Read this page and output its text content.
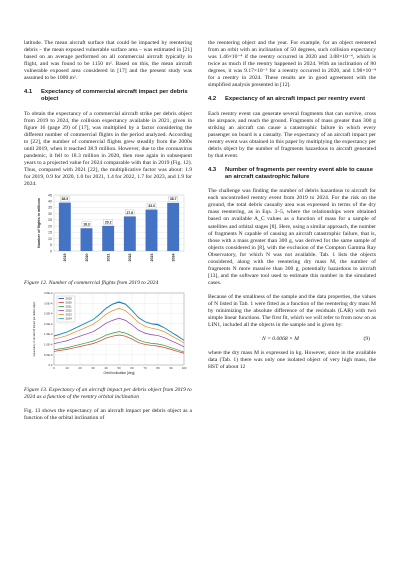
latitude. The mean aircraft surface that could be impacted by reentering debris – the mean exposed vulnerable surface area – was estimated in [21] based on an average performed on all commercial aircraft typically in flight, and was found to be 1150 m². Based on this, the mean aircraft vulnerable exposed area considered in [17] and the present study was assumed to be 1000 m².

4.1	Expectancy of commercial aircraft impact per debris object

To obtain the expectancy of a commercial aircraft strike per debris object from 2019 to 2024, the collision expectancy available in 2021, given in figure 16 (page 29) of [17], was multiplied by a factor considering the different number of commercial flights in the period analyzed. According to [22], the number of commercial flights grew steadily from the 2000s until 2019, when it reached 38.9 million. However, due to the coronavirus pandemic, it fell to 18.3 million in 2020, then rose again in subsequent years to a projected value for 2024 comparable with that in 2019 (Fig. 12). Thus, compared with 2021 [22], the multiplicative factor was about: 1.9 for 2019, 0.9 for 2020, 1.0 for 2021, 1.4 for 2022, 1.7 for 2023, and 1.9 for 2024.

0
5
10
15
20
25
30
35
40
45
Number of flights in millions	38.9
2019
18.3
2020
20.2
2021
27.8
2022
33.3
2023
38.7
2024

Figure 12. Number of commercial flights from 2019 to 2024

0.0
5.0E-5
1.0E-4
1.5E-4
2.0E-4
2.5E-4
3.0E-4
3.5E-4
0	10	20	30	40	50	60	70	80	90	100
Orbit inclination [deg]
Expectancy of an aircraft impact per debris object
2019
2020
2021
2022
2023
2024

Figure 13. Expectancy of an aircraft impact per debris object from 2019 to 2024 as a function of the reentry orbital inclination

Fig. 13 shows the expectancy of an aircraft impact per debris object as a function of the orbital inclination of

the reentering object and the year. For example, for an object reentered from an orbit with an inclination of 50 degrees, such collision expectancy was 1.46×10⁻⁴ if the reentry occurred in 2020 and 3.08×10⁻⁴, which is twice as much if the reentry happened in 2024. With an inclination of 80 degrees, it was 9.17×10⁻⁵ for a reentry occurred in 2020, and 1.98×10⁻⁴ for a reentry in 2024. These results are in good agreement with the simplified analysis presented in [12].

4.2	Expectancy of an aircraft impact per reentry event

Each reentry event can generate several fragments that can survive, cross the airspace, and reach the ground. Fragments of mass greater than 300 g striking an aircraft can cause a catastrophic failure in which every passenger on board is a casualty. The expectancy of an aircraft impact per reentry event was obtained in this paper by multiplying the expectancy per debris object by the number of fragments hazardous to aircraft generated by that event.

4.3	Number of fragments per reentry event able to cause an aircraft catastrophic failure

The challenge was finding the number of debris hazardous to aircraft for each uncontrolled reentry event from 2019 to 2024. For the risk on the ground, the total debris casualty area was expressed in terms of the dry mass reentering, as in Eqs. 3–5, where the relationships were obtained based on available A_C values as a function of mass for a sample of satellites and orbital stages [8]. Here, using a similar approach, the number of fragments N capable of causing an aircraft catastrophic failure, that is, those with a mass greater than 300 g, was derived for the same sample of objects considered in [8], with the exclusion of the Compton Gamma Ray Observatory, for which N was not available. Tab. 1 lists the objects considered, along with the reentering dry mass M, the number of fragments N more massive than 300 g, potentially hazardous to aircraft [13], and the software tool used to estimate this number in the simulated cases.

Because of the smallness of the sample and the data properties, the values of N listed in Tab. 1 were fitted as a function of the reentering dry mass M by minimizing the absolute difference of the residuals (LAR) with two simple linear functions. The first fit, which we will refer to from now on as LIN1, included all the objects in the sample and is given by:

N = 0.0068 × M	(9)

where the dry mass M is expressed in kg. However, since in the available data (Tab. 1) there was only one isolated object of very high mass, the HST of about 12
